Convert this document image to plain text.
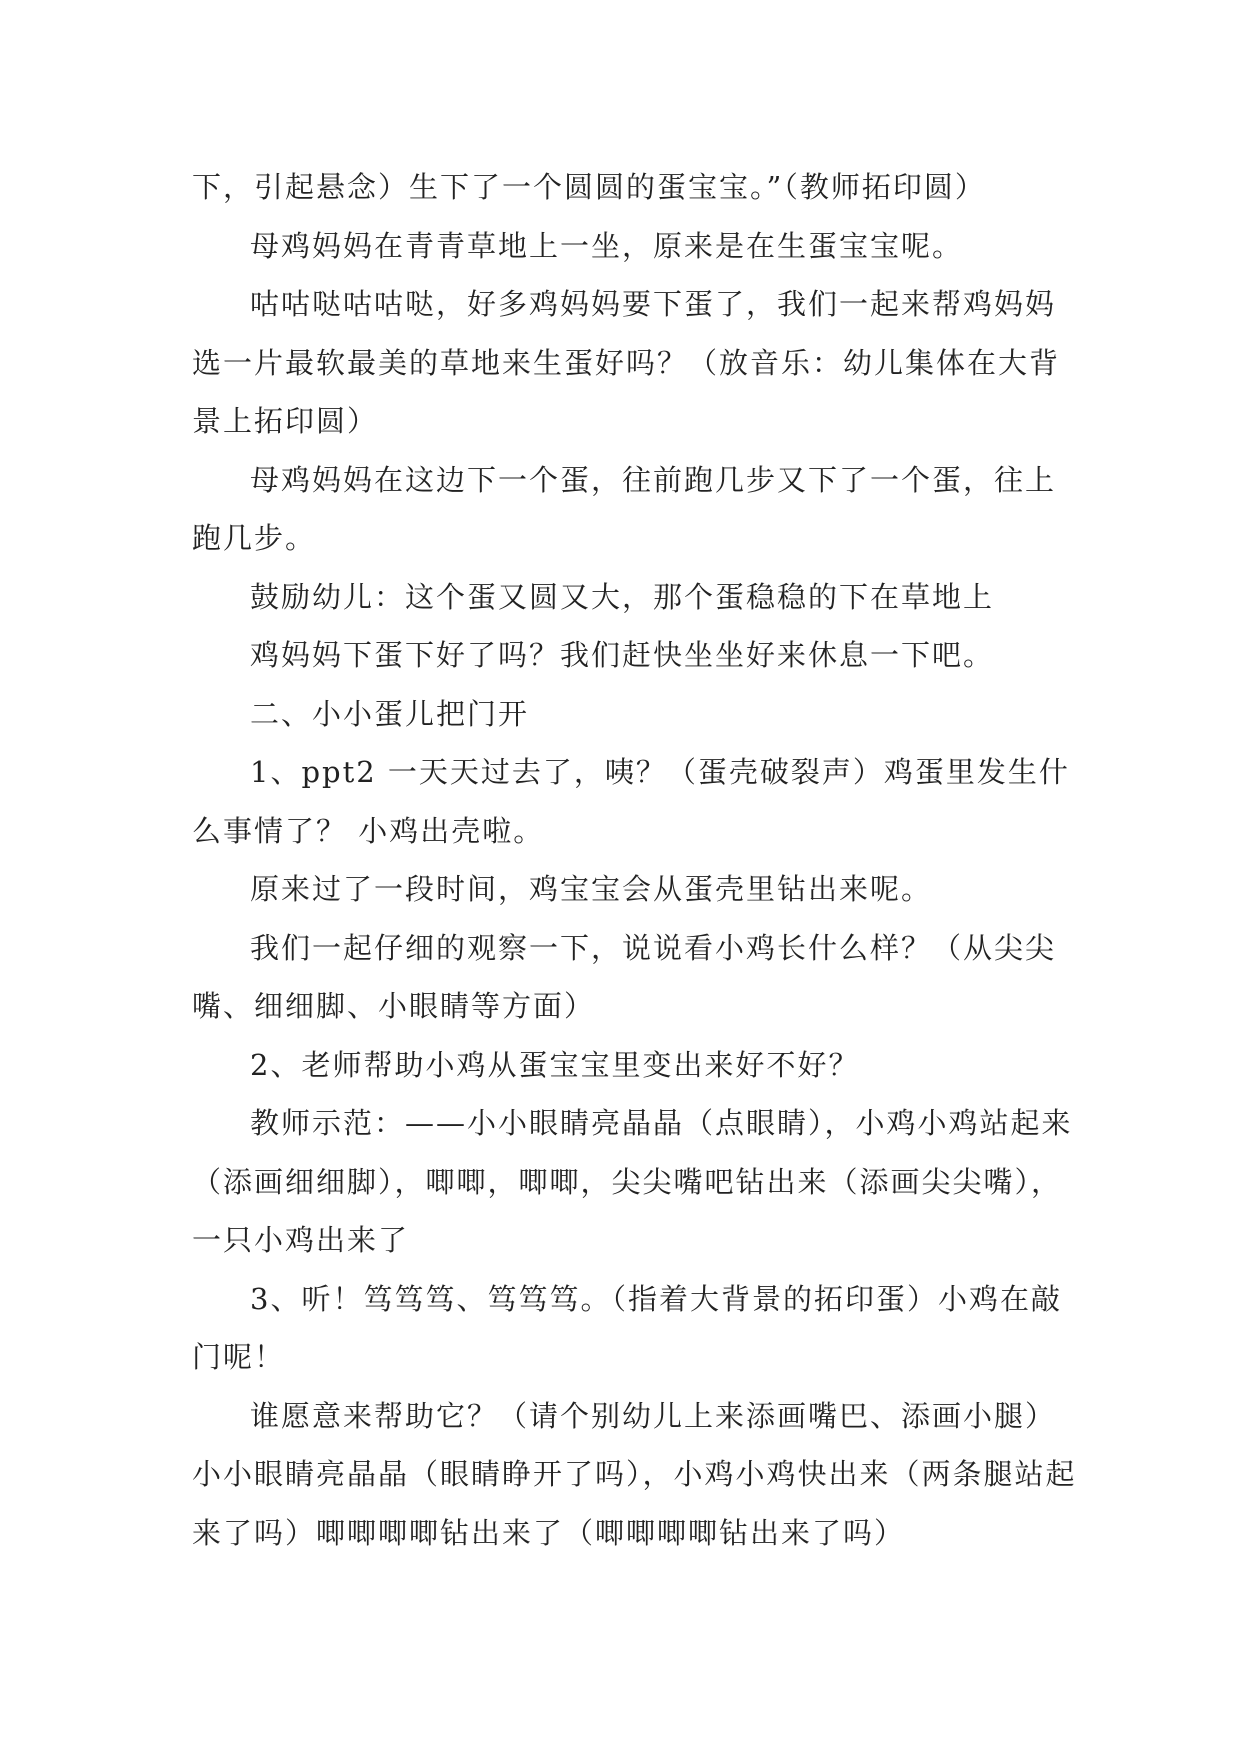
下，引起悬念）生下了一个圆圆的蛋宝宝。”（教师拓印圆）

母鸡妈妈在青青草地上一坐，原来是在生蛋宝宝呢。

咕咕哒咕咕哒，好多鸡妈妈要下蛋了，我们一起来帮鸡妈妈选一片最软最美的草地来生蛋好吗？（放音乐：幼儿集体在大背景上拓印圆）

母鸡妈妈在这边下一个蛋，往前跑几步又下了一个蛋，往上跑几步。

鼓励幼儿：这个蛋又圆又大，那个蛋稳稳的下在草地上

鸡妈妈下蛋下好了吗？我们赶快坐坐好来休息一下吧。

二、小小蛋儿把门开

1、ppt2 一天天过去了，咦？（蛋壳破裂声）鸡蛋里发生什么事情了？ 小鸡出壳啦。

原来过了一段时间，鸡宝宝会从蛋壳里钻出来呢。

我们一起仔细的观察一下，说说看小鸡长什么样？（从尖尖嘴、细细脚、小眼睛等方面）

2、老师帮助小鸡从蛋宝宝里变出来好不好？

教师示范：——小小眼睛亮晶晶（点眼睛），小鸡小鸡站起来（添画细细脚），唧唧，唧唧，尖尖嘴吧钻出来（添画尖尖嘴），一只小鸡出来了

3、听！笃笃笃、笃笃笃。（指着大背景的拓印蛋）小鸡在敲门呢！

谁愿意来帮助它？（请个别幼儿上来添画嘴巴、添画小腿）小小眼睛亮晶晶（眼睛睁开了吗），小鸡小鸡快出来（两条腿站起来了吗）唧唧唧唧钻出来了（唧唧唧唧钻出来了吗）
